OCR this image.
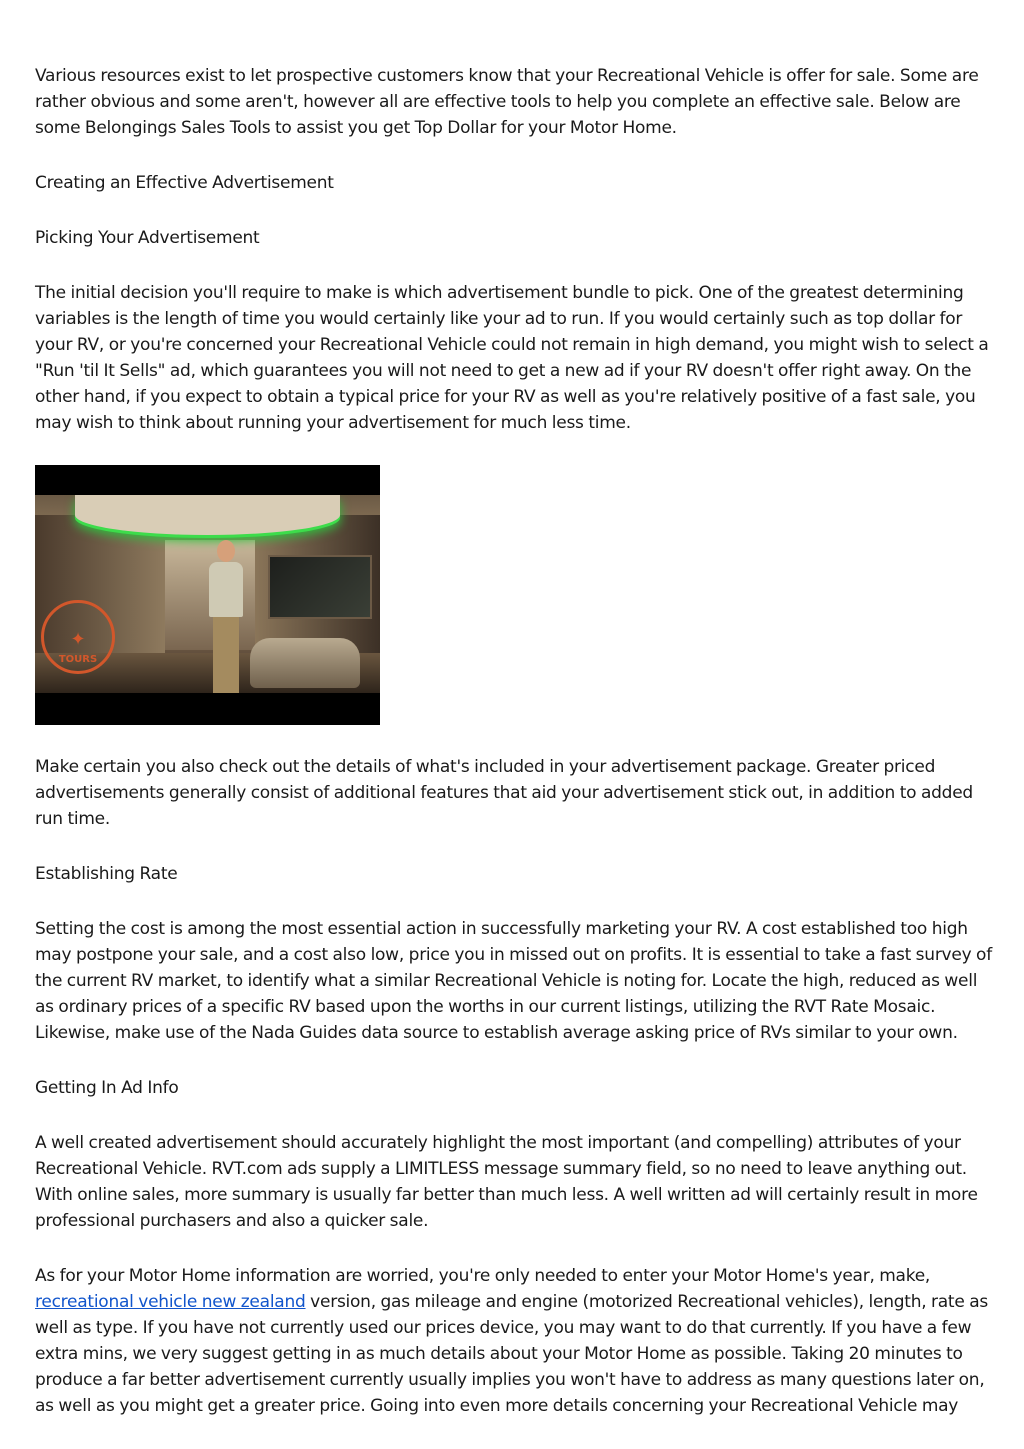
Various resources exist to let prospective customers know that your Recreational Vehicle is offer for sale. Some are rather obvious and some aren't, however all are effective tools to help you complete an effective sale. Below are some Belongings Sales Tools to assist you get Top Dollar for your Motor Home.

Creating an Effective Advertisement

Picking Your Advertisement

The initial decision you'll require to make is which advertisement bundle to pick. One of the greatest determining variables is the length of time you would certainly like your ad to run. If you would certainly such as top dollar for your RV, or you're concerned your Recreational Vehicle could not remain in high demand, you might wish to select a "Run 'til It Sells" ad, which guarantees you will not need to get a new ad if your RV doesn't offer right away. On the other hand, if you expect to obtain a typical price for your RV as well as you're relatively positive of a fast sale, you may wish to think about running your advertisement for much less time.

✦
TOURS

Make certain you also check out the details of what's included in your advertisement package. Greater priced advertisements generally consist of additional features that aid your advertisement stick out, in addition to added run time.

Establishing Rate

Setting the cost is among the most essential action in successfully marketing your RV. A cost established too high may postpone your sale, and a cost also low, price you in missed out on profits. It is essential to take a fast survey of the current RV market, to identify what a similar Recreational Vehicle is noting for. Locate the high, reduced as well as ordinary prices of a specific RV based upon the worths in our current listings, utilizing the RVT Rate Mosaic. Likewise, make use of the Nada Guides data source to establish average asking price of RVs similar to your own.

Getting In Ad Info

A well created advertisement should accurately highlight the most important (and compelling) attributes of your Recreational Vehicle. RVT.com ads supply a LIMITLESS message summary field, so no need to leave anything out. With online sales, more summary is usually far better than much less. A well written ad will certainly result in more professional purchasers and also a quicker sale.

As for your Motor Home information are worried, you're only needed to enter your Motor Home's year, make, recreational vehicle new zealand version, gas mileage and engine (motorized Recreational vehicles), length, rate as well as type. If you have not currently used our prices device, you may want to do that currently. If you have a few extra mins, we very suggest getting in as much details about your Motor Home as possible. Taking 20 minutes to produce a far better advertisement currently usually implies you won't have to address as many questions later on, as well as you might get a greater price. Going into even more details concerning your Recreational Vehicle may
